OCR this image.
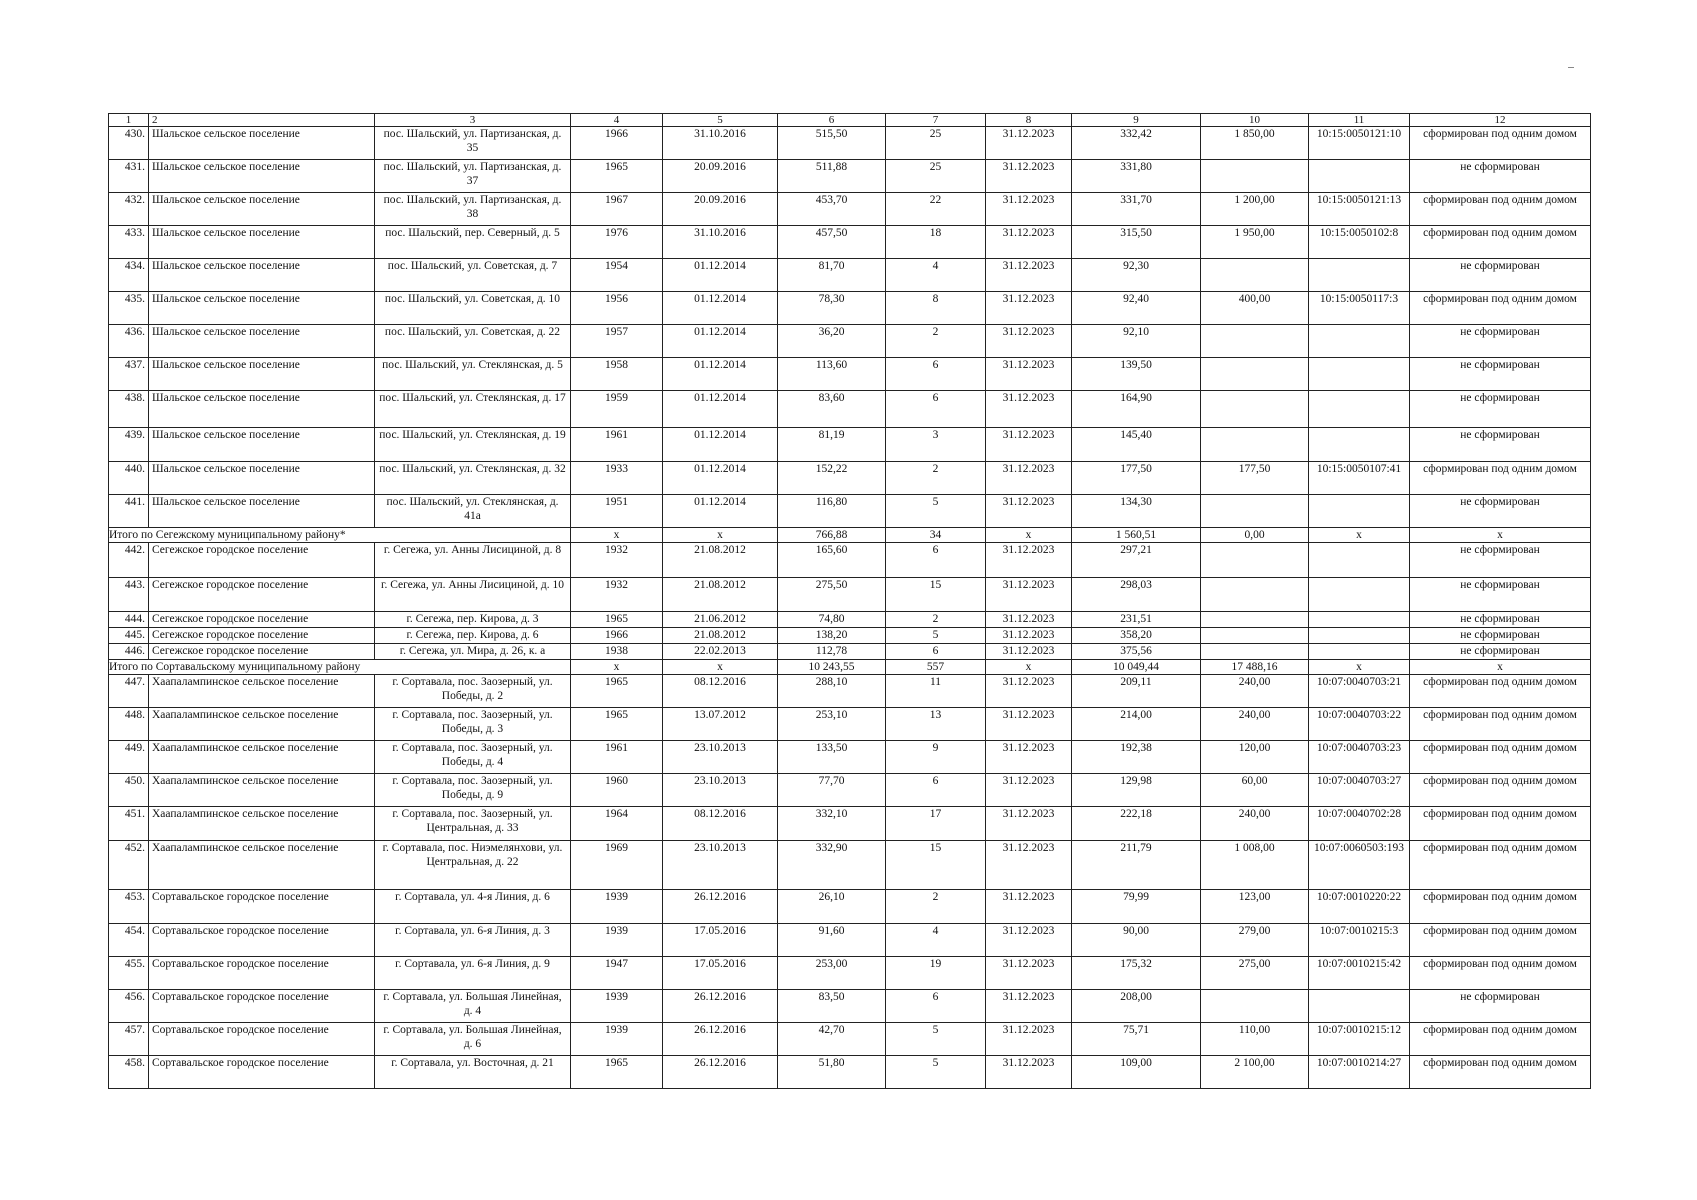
1	2	3	4	5	6	7	8	9	10	11	12
430.	Шальское сельское поселение	пос. Шальский, ул. Партизанская, д. 35	1966	31.10.2016	515,50	25	31.12.2023	332,42	1 850,00	10:15:0050121:10	сформирован под одним домом
431.	Шальское сельское поселение	пос. Шальский, ул. Партизанская, д. 37	1965	20.09.2016	511,88	25	31.12.2023	331,80			не сформирован
432.	Шальское сельское поселение	пос. Шальский, ул. Партизанская, д. 38	1967	20.09.2016	453,70	22	31.12.2023	331,70	1 200,00	10:15:0050121:13	сформирован под одним домом
433.	Шальское сельское поселение	пос. Шальский, пер. Северный, д. 5	1976	31.10.2016	457,50	18	31.12.2023	315,50	1 950,00	10:15:0050102:8	сформирован под одним домом
434.	Шальское сельское поселение	пос. Шальский, ул. Советская, д. 7	1954	01.12.2014	81,70	4	31.12.2023	92,30			не сформирован
435.	Шальское сельское поселение	пос. Шальский, ул. Советская, д. 10	1956	01.12.2014	78,30	8	31.12.2023	92,40	400,00	10:15:0050117:3	сформирован под одним домом
436.	Шальское сельское поселение	пос. Шальский, ул. Советская, д. 22	1957	01.12.2014	36,20	2	31.12.2023	92,10			не сформирован
437.	Шальское сельское поселение	пос. Шальский, ул. Стеклянская, д. 5	1958	01.12.2014	113,60	6	31.12.2023	139,50			не сформирован
438.	Шальское сельское поселение	пос. Шальский, ул. Стеклянская, д. 17	1959	01.12.2014	83,60	6	31.12.2023	164,90			не сформирован
439.	Шальское сельское поселение	пос. Шальский, ул. Стеклянская, д. 19	1961	01.12.2014	81,19	3	31.12.2023	145,40			не сформирован
440.	Шальское сельское поселение	пос. Шальский, ул. Стеклянская, д. 32	1933	01.12.2014	152,22	2	31.12.2023	177,50	177,50	10:15:0050107:41	сформирован под одним домом
441.	Шальское сельское поселение	пос. Шальский, ул. Стеклянская, д. 41а	1951	01.12.2014	116,80	5	31.12.2023	134,30			не сформирован
Итого по Сегежскому муниципальному району*			x	x	766,88	34	x	1 560,51	0,00	x	x
442.	Сегежское городское поселение	г. Сегежа, ул. Анны Лисициной, д. 8	1932	21.08.2012	165,60	6	31.12.2023	297,21			не сформирован
443.	Сегежское городское поселение	г. Сегежа, ул. Анны Лисициной, д. 10	1932	21.08.2012	275,50	15	31.12.2023	298,03			не сформирован
444.	Сегежское городское поселение	г. Сегежа, пер. Кирова, д. 3	1965	21.06.2012	74,80	2	31.12.2023	231,51			не сформирован
445.	Сегежское городское поселение	г. Сегежа, пер. Кирова, д. 6	1966	21.08.2012	138,20	5	31.12.2023	358,20			не сформирован
446.	Сегежское городское поселение	г. Сегежа, ул. Мира, д. 26, к. а	1938	22.02.2013	112,78	6	31.12.2023	375,56			не сформирован
Итого по Сортавальскому муниципальному району			x	x	10 243,55	557	x	10 049,44	17 488,16	x	x
447.	Хаапалампинское сельское поселение	г. Сортавала, пос. Заозерный, ул. Победы, д. 2	1965	08.12.2016	288,10	11	31.12.2023	209,11	240,00	10:07:0040703:21	сформирован под одним домом
448.	Хаапалампинское сельское поселение	г. Сортавала, пос. Заозерный, ул. Победы, д. 3	1965	13.07.2012	253,10	13	31.12.2023	214,00	240,00	10:07:0040703:22	сформирован под одним домом
449.	Хаапалампинское сельское поселение	г. Сортавала, пос. Заозерный, ул. Победы, д. 4	1961	23.10.2013	133,50	9	31.12.2023	192,38	120,00	10:07:0040703:23	сформирован под одним домом
450.	Хаапалампинское сельское поселение	г. Сортавала, пос. Заозерный, ул. Победы, д. 9	1960	23.10.2013	77,70	6	31.12.2023	129,98	60,00	10:07:0040703:27	сформирован под одним домом
451.	Хаапалампинское сельское поселение	г. Сортавала, пос. Заозерный, ул. Центральная, д. 33	1964	08.12.2016	332,10	17	31.12.2023	222,18	240,00	10:07:0040702:28	сформирован под одним домом
452.	Хаапалампинское сельское поселение	г. Сортавала, пос. Ниэмелянхови, ул. Центральная, д. 22	1969	23.10.2013	332,90	15	31.12.2023	211,79	1 008,00	10:07:0060503:193	сформирован под одним домом
453.	Сортавальское городское поселение	г. Сортавала, ул. 4-я Линия, д. 6	1939	26.12.2016	26,10	2	31.12.2023	79,99	123,00	10:07:0010220:22	сформирован под одним домом
454.	Сортавальское городское поселение	г. Сортавала, ул. 6-я Линия, д. 3	1939	17.05.2016	91,60	4	31.12.2023	90,00	279,00	10:07:0010215:3	сформирован под одним домом
455.	Сортавальское городское поселение	г. Сортавала, ул. 6-я Линия, д. 9	1947	17.05.2016	253,00	19	31.12.2023	175,32	275,00	10:07:0010215:42	сформирован под одним домом
456.	Сортавальское городское поселение	г. Сортавала, ул. Большая Линейная, д. 4	1939	26.12.2016	83,50	6	31.12.2023	208,00			не сформирован
457.	Сортавальское городское поселение	г. Сортавала, ул. Большая Линейная, д. 6	1939	26.12.2016	42,70	5	31.12.2023	75,71	110,00	10:07:0010215:12	сформирован под одним домом
458.	Сортавальское городское поселение	г. Сортавала, ул. Восточная, д. 21	1965	26.12.2016	51,80	5	31.12.2023	109,00	2 100,00	10:07:0010214:27	сформирован под одним домом
